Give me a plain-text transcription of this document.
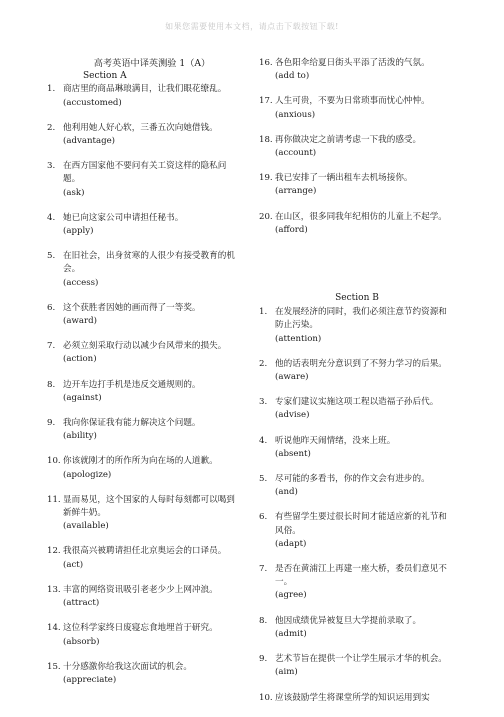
如果您需要使用本文档，请点击下载按钮下载!
高考英语中译英测验 1（A）
Section A
1. 商店里的商品琳琅满目，让我们眼花缭乱。
(accustomed)
2. 他利用她人好心软，三番五次向她借钱。
(advantage)
3. 在西方国家他不要问有关工资这样的隐私问题。
(ask)
4. 她已向这家公司申请担任秘书。
(apply)
5. 在旧社会，出身贫寒的人很少有接受教育的机会。
(access)
6. 这个获胜者因她的画而得了一等奖。
(award)
7. 必须立刻采取行动以减少台风带来的损失。
(action)
8. 边开车边打手机是违反交通规则的。
(against)
9. 我向你保证我有能力解决这个问题。
(ability)
10. 你该就刚才的所作所为向在场的人道歉。
(apologize)
11. 显而易见，这个国家的人每时每刻都可以喝到新鲜牛奶。
(available)
12. 我很高兴被聘请担任北京奥运会的口译员。
(act)
13. 丰富的网络资讯吸引老老少少上网冲浪。
(attract)
14. 这位科学家终日废寝忘食地埋首于研究。
(absorb)
15. 十分感激你给我这次面试的机会。
(appreciate)
16. 各色阳伞给夏日街头平添了活泼的气氛。
(add to)
17. 人生可贵，不要为日常琐事而忧心忡忡。
(anxious)
18. 再你做决定之前请考虑一下我的感受。
(account)
19. 我已安排了一辆出租车去机场接你。
(arrange)
20. 在山区，很多同我年纪相仿的儿童上不起学。
(afford)
Section B
1. 在发展经济的同时，我们必须注意节约资源和防止污染。
(attention)
2. 他的话表明充分意识到了不努力学习的后果。
(aware)
3. 专家们建议实施这项工程以造福子孙后代。
(advise)
4. 听说他昨天闹情绪，没来上班。
(absent)
5. 尽可能的多看书，你的作文会有进步的。
(and)
6. 有些留学生要过很长时间才能适应新的礼节和风俗。
(adapt)
7. 是否在黄浦江上再建一座大桥，委员们意见不一。
(agree)
8. 他因成绩优异被复旦大学提前录取了。
(admit)
9. 艺术节旨在提供一个让学生展示才华的机会。
(aim)
10. 应该鼓励学生将课堂所学的知识运用到实
